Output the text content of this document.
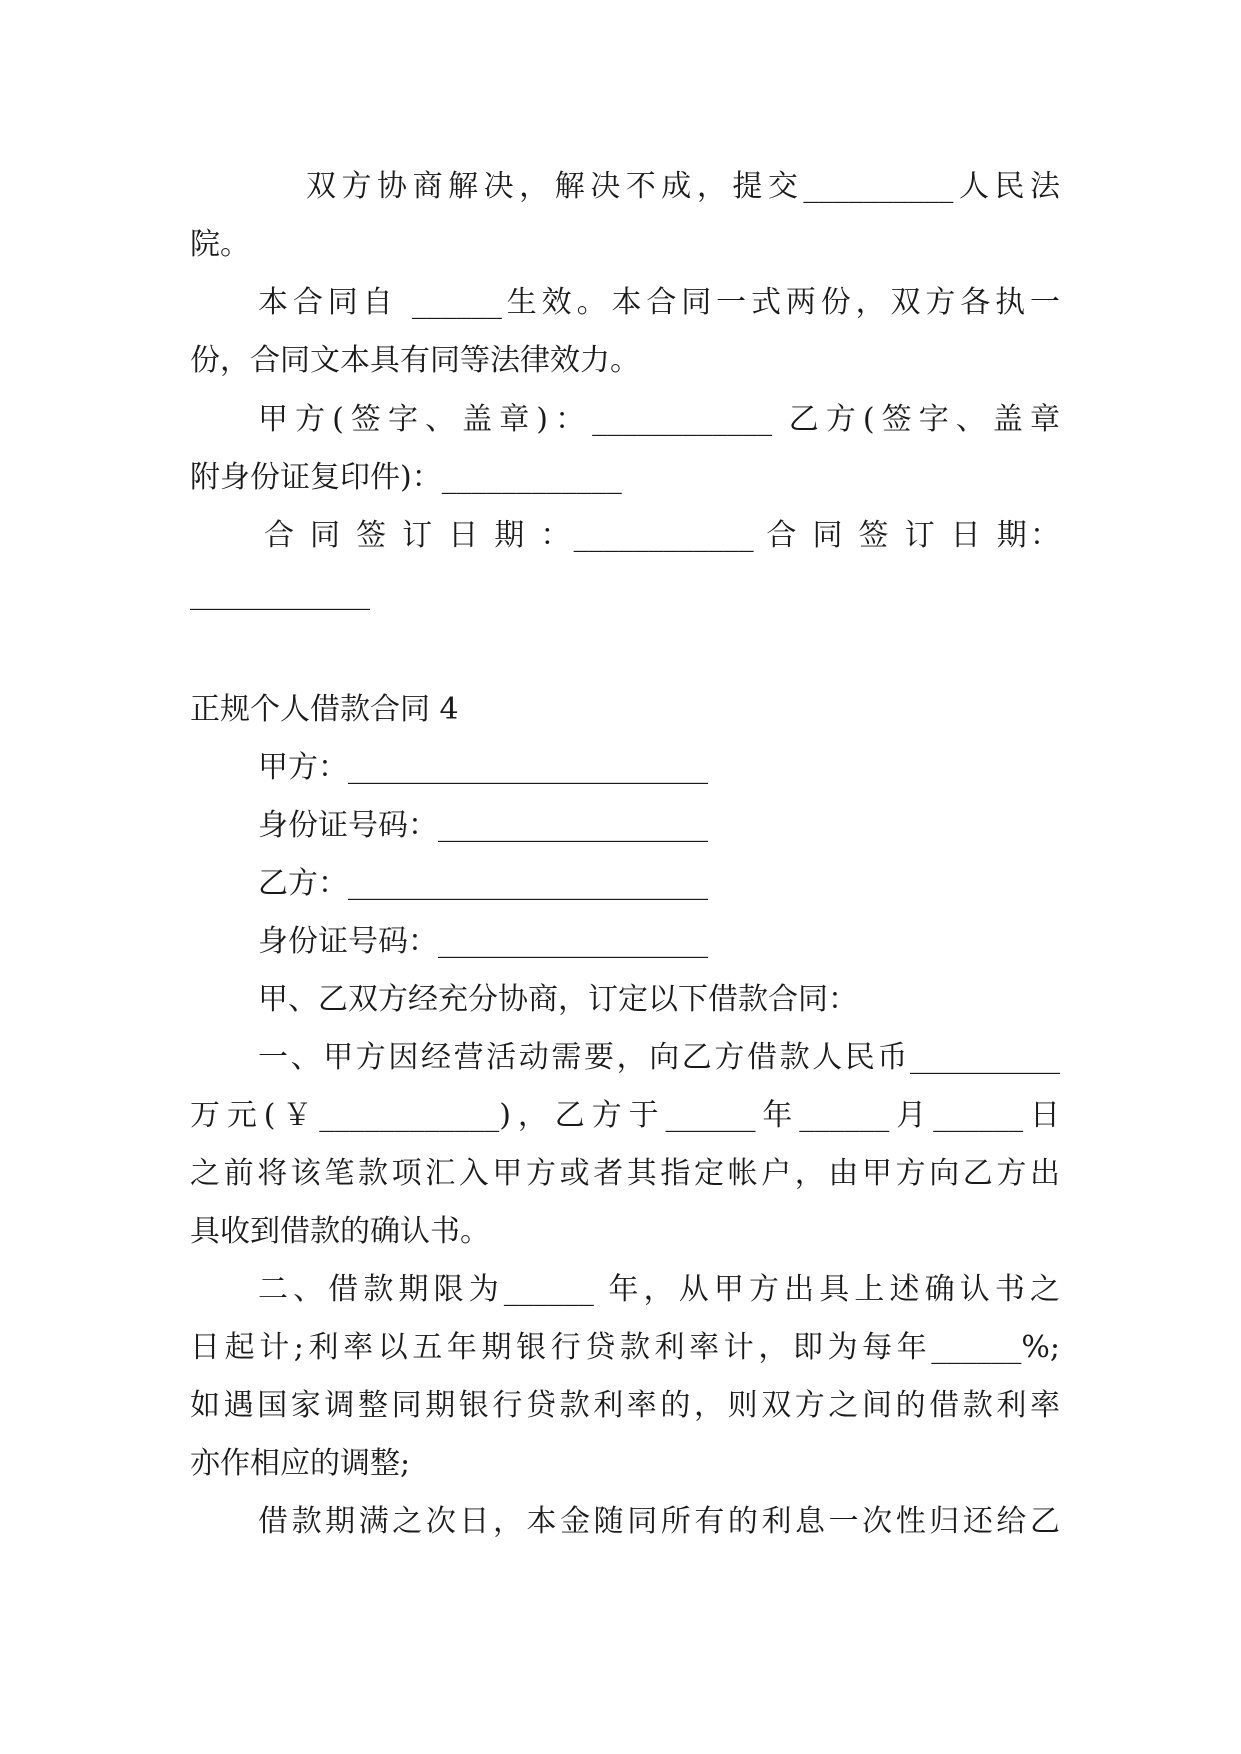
双方协商解决，解决不成，提交__________人民法
院。
本合同自 ______生效。本合同一式两份，双方各执一
份，合同文本具有同等法律效力。
甲方(签字、盖章)：____________ 乙方(签字、盖章
附身份证复印件)：____________
合 同 签 订 日 期 ：____________ 合 同 签 订 日 期：
____________
正规个人借款合同 4
甲方：________________________
身份证号码：__________________
乙方：________________________
身份证号码：__________________
甲、乙双方经充分协商，订定以下借款合同：
一、甲方因经营活动需要，向乙方借款人民币__________
万元(￥____________)，乙方于______年______月______日
之前将该笔款项汇入甲方或者其指定帐户，由甲方向乙方出
具收到借款的确认书。
二、借款期限为______ 年，从甲方出具上述确认书之
日起计;利率以五年期银行贷款利率计，即为每年______%;
如遇国家调整同期银行贷款利率的，则双方之间的借款利率
亦作相应的调整;
借款期满之次日，本金随同所有的利息一次性归还给乙
